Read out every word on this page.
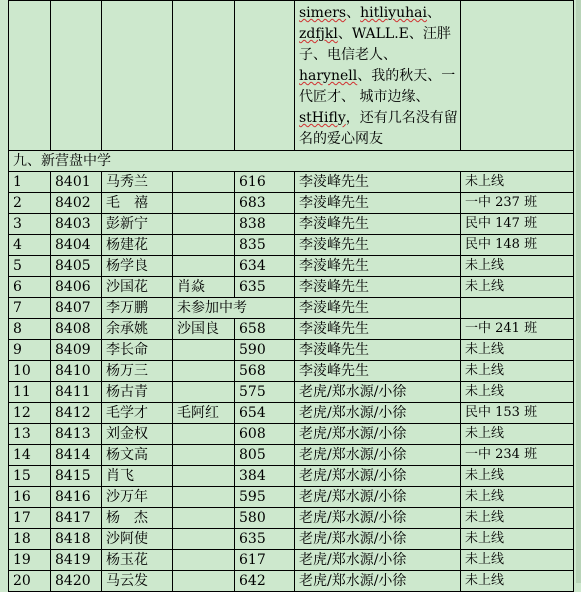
					simers、hitliyuhai、zdfjkl、WALL.E、汪胖子、电信老人、harynell、我的秋天、一代匠才、 城市边缘、stHifly，还有几名没有留名的爱心网友	
九、新营盘中学						
1	8401	马秀兰		616	李淩峰先生	未上线
2	8402	毛　禧		683	李淩峰先生	一中 237 班
3	8403	彭新宁		838	李淩峰先生	民中 147 班
4	8404	杨建花		835	李淩峰先生	民中 148 班
5	8405	杨学良		634	李淩峰先生	未上线
6	8406	沙国花	肖焱	635	李淩峰先生	未上线
7	8407	李万鹏	未参加中考		李淩峰先生	
8	8408	余承姚	沙国良	658	李淩峰先生	一中 241 班
9	8409	李长命		590	李淩峰先生	未上线
10	8410	杨万三		568	李淩峰先生	未上线
11	8411	杨古青		575	老虎/郑水源/小徐	未上线
12	8412	毛学才	毛阿红	654	老虎/郑水源/小徐	民中 153 班
13	8413	刘金权		608	老虎/郑水源/小徐	未上线
14	8414	杨文高		805	老虎/郑水源/小徐	一中 234 班
15	8415	肖飞		384	老虎/郑水源/小徐	未上线
16	8416	沙万年		595	老虎/郑水源/小徐	未上线
17	8417	杨　杰		580	老虎/郑水源/小徐	未上线
18	8418	沙阿使		635	老虎/郑水源/小徐	未上线
19	8419	杨玉花		617	老虎/郑水源/小徐	未上线
20	8420	马云发		642	老虎/郑水源/小徐	未上线
